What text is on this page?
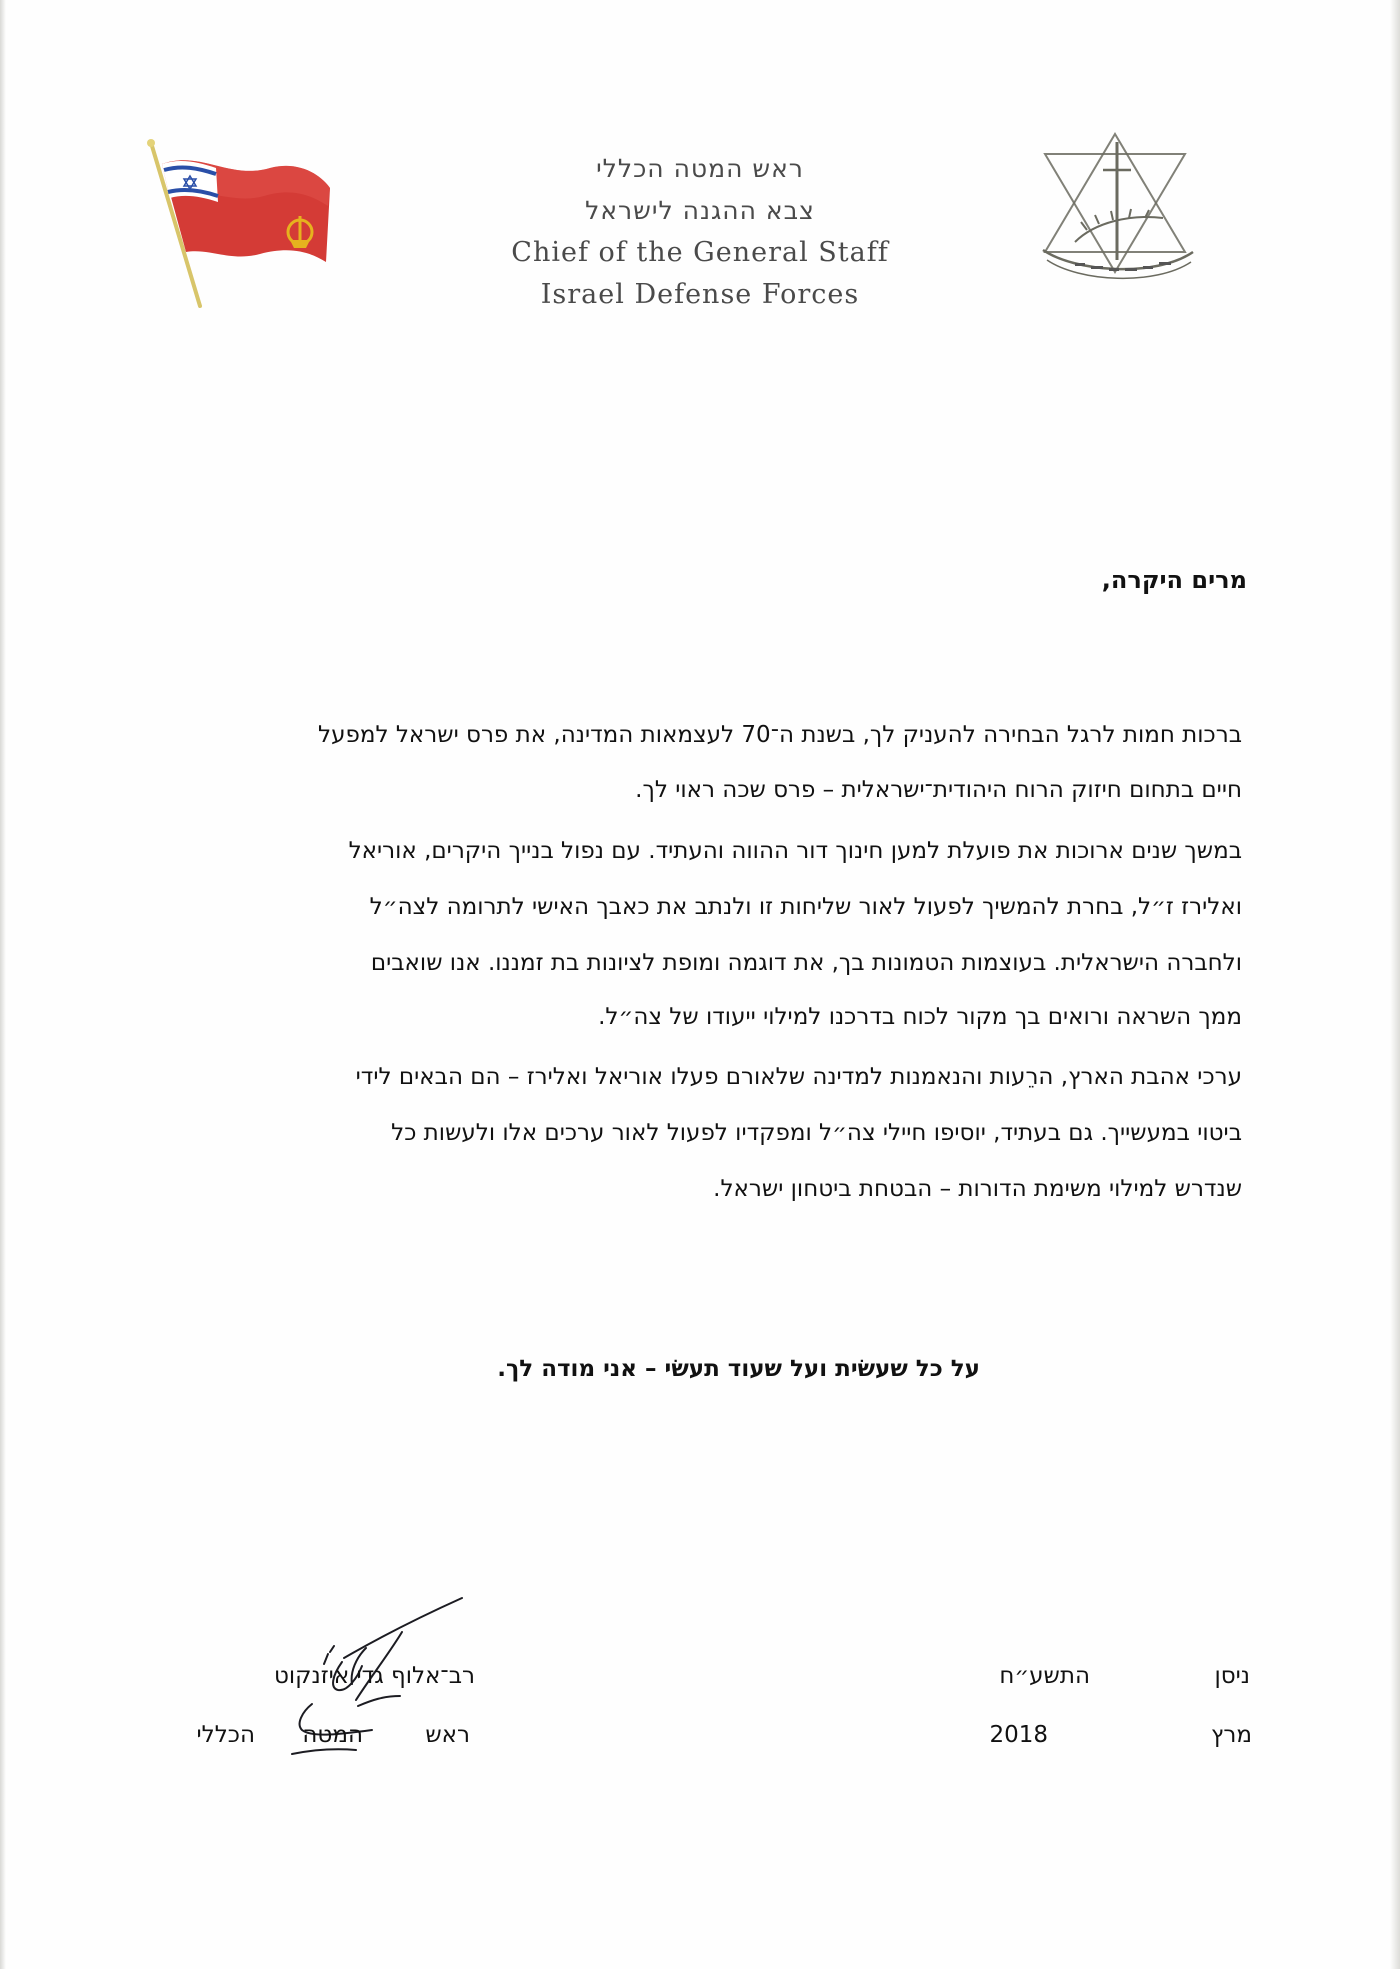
ראש המטה הכללי
צבא ההגנה לישראל
Chief of the General Staff
Israel Defense Forces
מרים היקרה,
ברכות חמות לרגל הבחירה להעניק לך, בשנת ה־70 לעצמאות המדינה, את פרס ישראל למפעל
חיים בתחום חיזוק הרוח היהודית־ישראלית – פרס שכה ראוי לך.
במשך שנים ארוכות את פועלת למען חינוך דור ההווה והעתיד. עם נפול בנייך היקרים, אוריאל
ואלירז ז״ל, בחרת להמשיך לפעול לאור שליחות זו ולנתב את כאבך האישי לתרומה לצה״ל
ולחברה הישראלית. בעוצמות הטמונות בך, את דוגמה ומופת לציונות בת זמננו. אנו שואבים
ממך השראה ורואים בך מקור לכוח בדרכנו למילוי ייעודו של צה״ל.
ערכי אהבת הארץ, הרֵעות והנאמנות למדינה שלאורם פעלו אוריאל ואלירז – הם הבאים לידי
ביטוי במעשייך. גם בעתיד, יוסיפו חיילי צה״ל ומפקדיו לפעול לאור ערכים אלו ולעשות כל
שנדרש למילוי משימת הדורות – הבטחת ביטחון ישראל.
על כל שעשׂית ועל שעוד תעשׂי – אני מודה לך.
רב־אלוף גדי איזנקוט
ראש
המטה
הכללי
ניסן
התשע״ח
מרץ
2018
